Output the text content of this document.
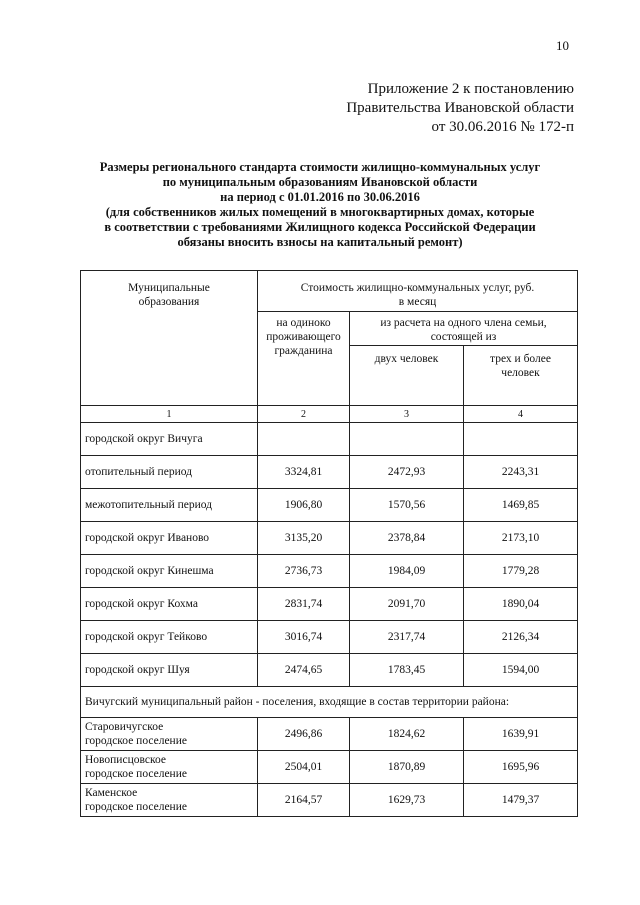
10
Приложение 2 к постановлению
Правительства Ивановской области
от 30.06.2016 № 172-п
Размеры регионального стандарта стоимости жилищно-коммунальных услуг
по муниципальным образованиям Ивановской области
на период с 01.01.2016 по 30.06.2016
(для собственников жилых помещений в многоквартирных домах, которые
в соответствии с требованиями Жилищного кодекса Российской Федерации
обязаны вносить взносы на капитальный ремонт)
Муниципальные образования	Стоимость жилищно-коммунальных услуг, руб. в месяц		
	на одиноко проживающего гражданина	из расчета на одного члена семьи, состоящей из	
		двух человек	трех и более человек
1	2	3	4
городской округ Вичуга			
отопительный период	3324,81	2472,93	2243,31
межотопительный период	1906,80	1570,56	1469,85
городской округ Иваново	3135,20	2378,84	2173,10
городской округ Кинешма	2736,73	1984,09	1779,28
городской округ Кохма	2831,74	2091,70	1890,04
городской округ Тейково	3016,74	2317,74	2126,34
городской округ Шуя	2474,65	1783,45	1594,00
Вичугский муниципальный район - поселения, входящие в состав территории района:			

Старовичугское
городское поселение	2496,86	1824,62	1639,91

Новописцовское
городское поселение	2504,01	1870,89	1695,96

Каменское
городское поселение	2164,57	1629,73	1479,37
